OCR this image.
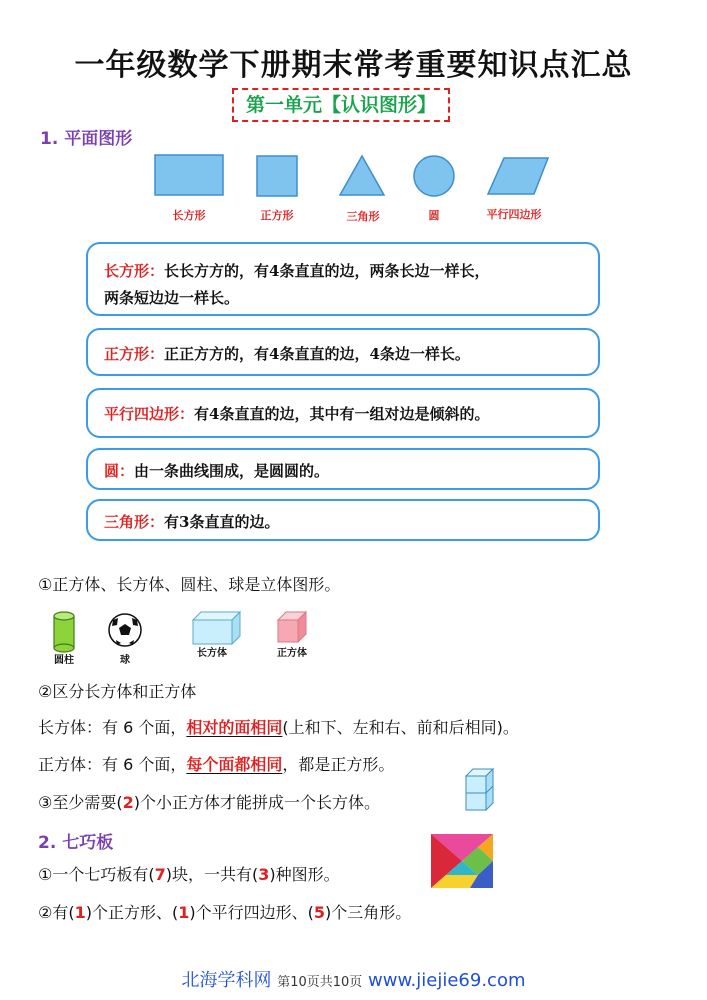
一年级数学下册期末常考重要知识点汇总
第一单元【认识图形】
1. 平面图形
长方形	正方形	三角形	圆	平行四边形
长方形：长长方方的，有4条直直的边，两条长边一样长，
两条短边边一样长。
正方形：正正方方的，有4条直直的边，4条边一样长。
平行四边形：有4条直直的边，其中有一组对边是倾斜的。
圆：由一条曲线围成，是圆圆的。
三角形：有3条直直的边。
①正方体、长方体、圆柱、球是立体图形。
圆柱	球
长方体	正方体
②区分长方体和正方体
长方体：有 6 个面，相对的面相同(上和下、左和右、前和后相同)。
正方体：有 6 个面，每个面都相同，都是正方形。
③至少需要(2)个小正方体才能拼成一个长方体。
2. 七巧板
①一个七巧板有(7)块，一共有(3)种图形。
②有(1)个正方形、(1)个平行四边形、(5)个三角形。
北海学科网 第10页共10页 www.jiejie69.com
